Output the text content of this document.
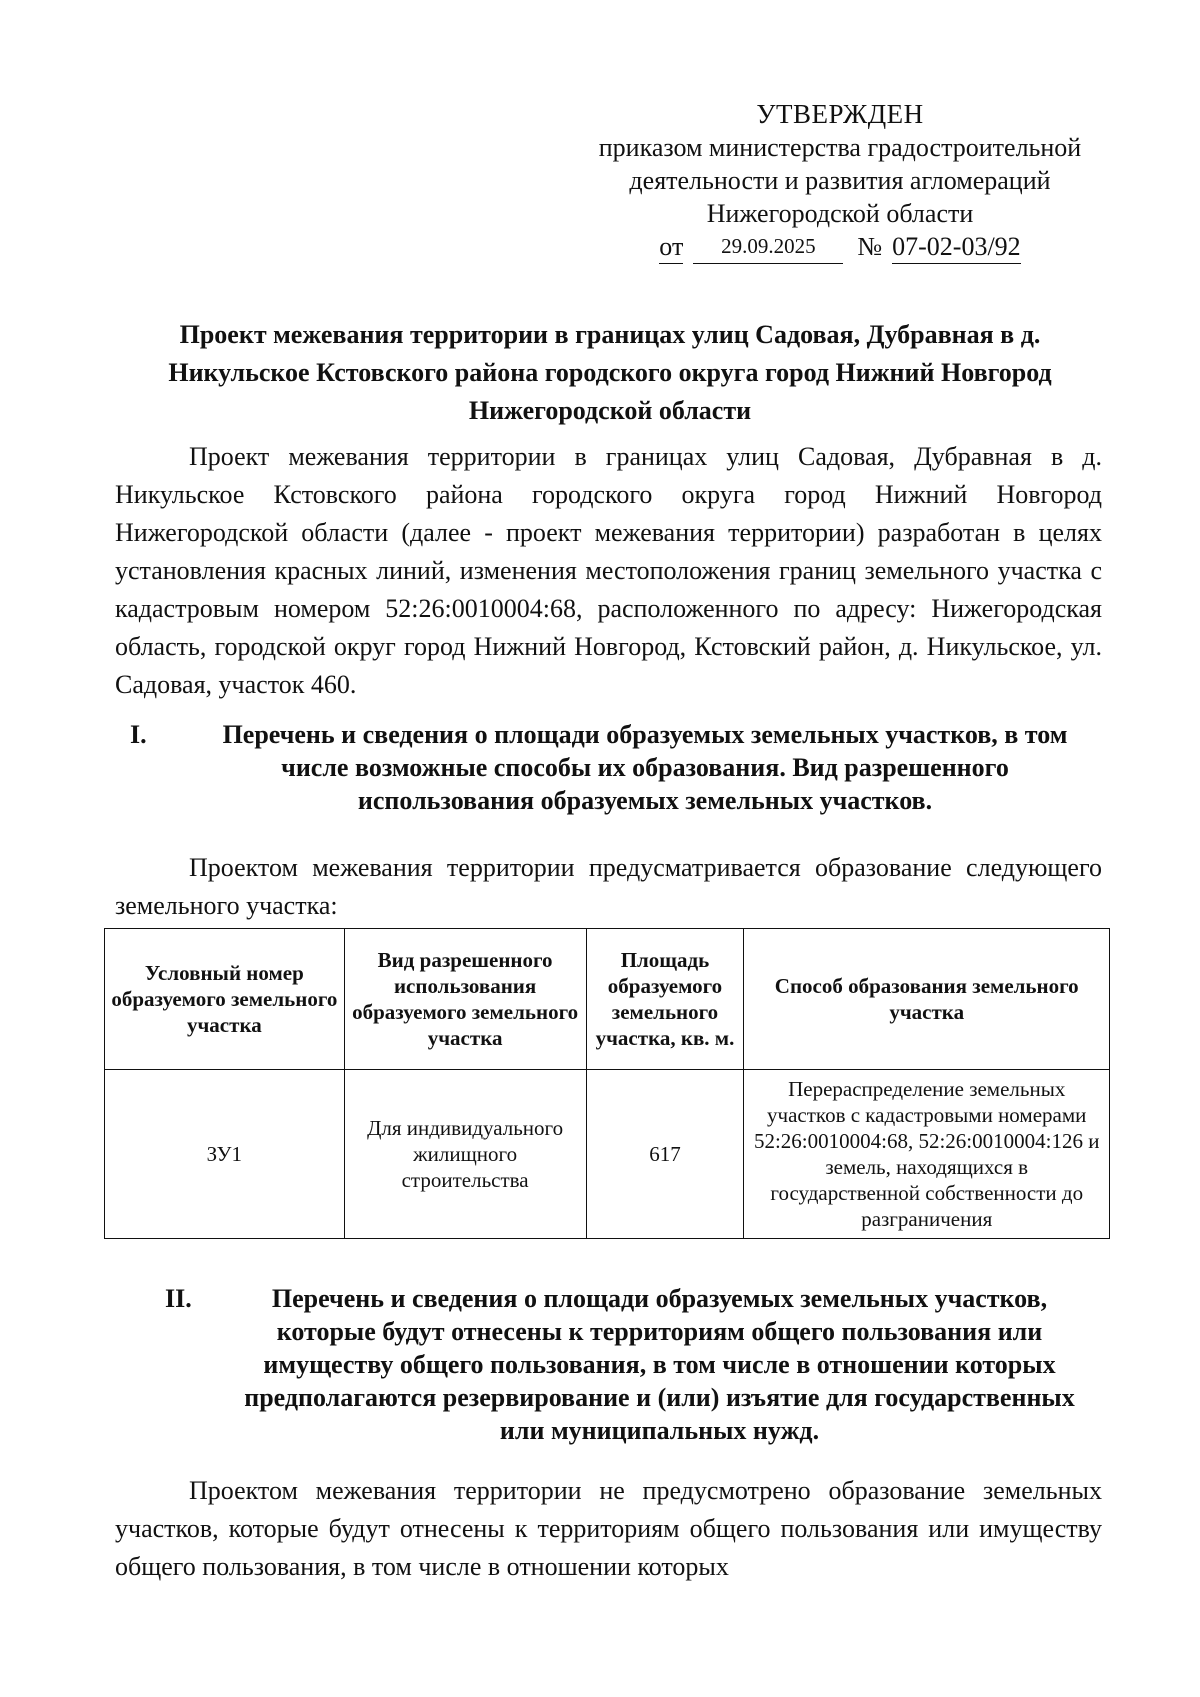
УТВЕРЖДЕН
приказом министерства градостроительной
деятельности и развития агломераций
Нижегородской области
от	29.09.2025	№ 07-02-03/92
Проект межевания территории в границах улиц Садовая, Дубравная в д. Никульское Кстовского района городского округа город Нижний Новгород Нижегородской области

Проект межевания территории в границах улиц Садовая, Дубравная в д. Никульское Кстовского района городского округа город Нижний Новгород Нижегородской области (далее - проект межевания территории) разработан в целях установления красных линий, изменения местоположения границ земельного участка с кадастровым номером 52:26:0010004:68, расположенного по адресу: Нижегородская область, городской округ город Нижний Новгород, Кстовский район, д. Никульское, ул. Садовая, участок 460.

I.	Перечень и сведения о площади образуемых земельных участков, в том
числе возможные способы их образования. Вид разрешенного
использования образуемых земельных участков.

Проектом межевания территории предусматривается образование следующего земельного участка:

Условный номер образуемого земельного участка	Вид разрешенного использования образуемого земельного участка	Площадь образуемого земельного участка, кв. м.	Способ образования земельного участка
ЗУ1	Для индивидуального жилищного строительства	617	Перераспределение земельных участков с кадастровыми номерами 52:26:0010004:68, 52:26:0010004:126 и земель, находящихся в государственной собственности до разграничения
II.	Перечень и сведения о площади образуемых земельных участков,
которые будут отнесены к территориям общего пользования или
имуществу общего пользования, в том числе в отношении которых
предполагаются резервирование и (или) изъятие для государственных
или муниципальных нужд.

Проектом межевания территории не предусмотрено образование земельных участков, которые будут отнесены к территориям общего пользования или имуществу общего пользования, в том числе в отношении которых
